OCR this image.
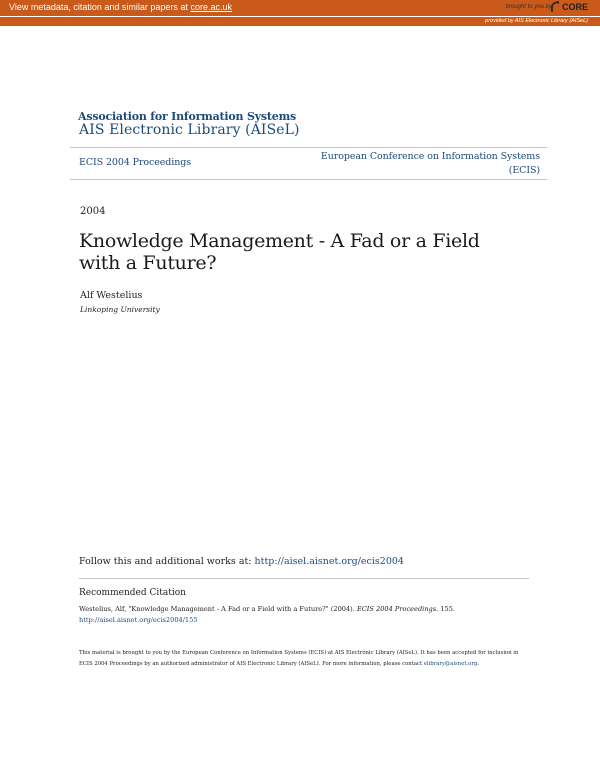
View metadata, citation and similar papers at core.ac.uk	brought to you by CORE
provided by AIS Electronic Library (AISeL)
Association for Information Systems
AIS Electronic Library (AISeL)
ECIS 2004 Proceedings
European Conference on Information Systems
(ECIS)
2004
Knowledge Management - A Fad or a Field with a Future?
Alf Westelius
Linkoping University
Follow this and additional works at: http://aisel.aisnet.org/ecis2004
Recommended Citation
Westelius, Alf, "Knowledge Management - A Fad or a Field with a Future?" (2004). ECIS 2004 Proceedings. 155.
http://aisel.aisnet.org/ecis2004/155
This material is brought to you by the European Conference on Information Systems (ECIS) at AIS Electronic Library (AISeL). It has been accepted for inclusion in ECIS 2004 Proceedings by an authorized administrator of AIS Electronic Library (AISeL). For more information, please contact elibrary@aisnet.org.
